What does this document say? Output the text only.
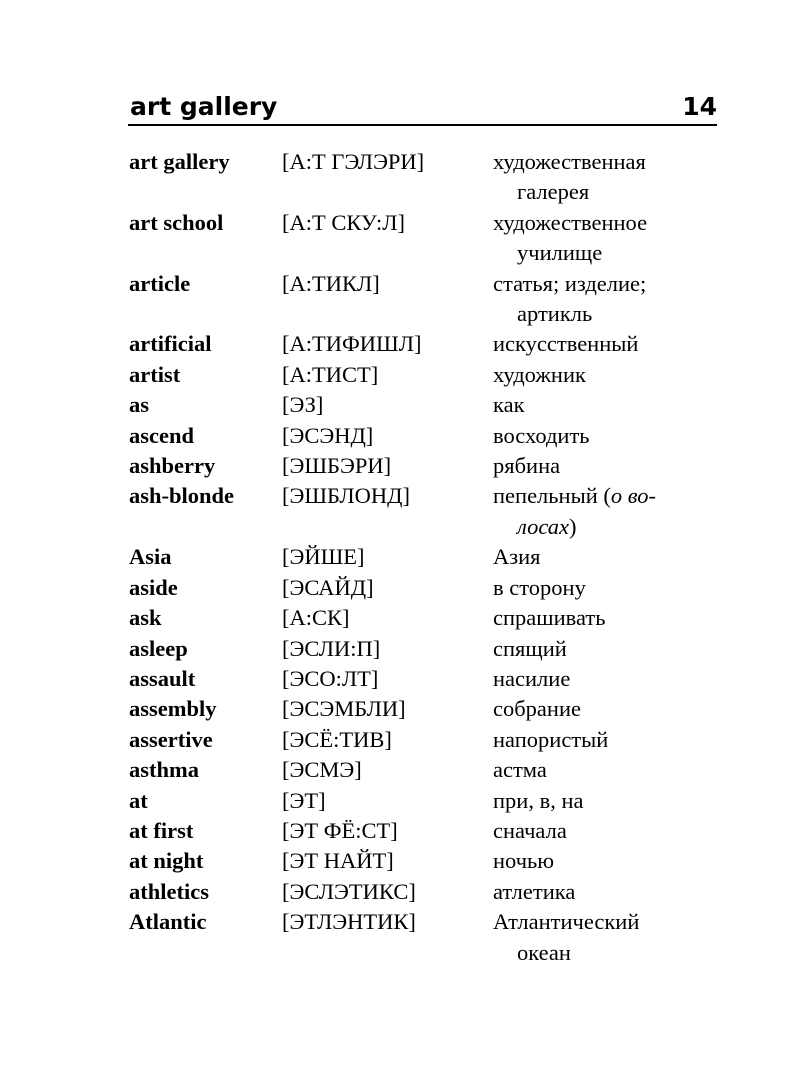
art gallery	14
art gallery	[А:Т ГЭЛЭРИ]	художественная
галерея
art school	[А:Т СКУ:Л]	художественное
училище
article	[А:ТИКЛ]	статья; изделие;
артикль
artificial	[А:ТИФИШЛ]	искусственный
artist	[А:ТИСТ]	художник
as	[ЭЗ]	как
ascend	[ЭСЭНД]	восходить
ashberry	[ЭШБЭРИ]	рябина
ash-blonde	[ЭШБЛОНД]	пепельный (о во-
лосах)
Asia	[ЭЙШЕ]	Азия
aside	[ЭСАЙД]	в сторону
ask	[А:СК]	спрашивать
asleep	[ЭСЛИ:П]	спящий
assault	[ЭСО:ЛТ]	насилие
assembly	[ЭСЭМБЛИ]	собрание
assertive	[ЭСЁ:ТИВ]	напористый
asthma	[ЭСМЭ]	астма
at	[ЭТ]	при, в, на
at first	[ЭТ ФЁ:СТ]	сначала
at night	[ЭТ НАЙТ]	ночью
athletics	[ЭСЛЭТИКС]	атлетика
Atlantic	[ЭТЛЭНТИК]	Атлантический
океан
